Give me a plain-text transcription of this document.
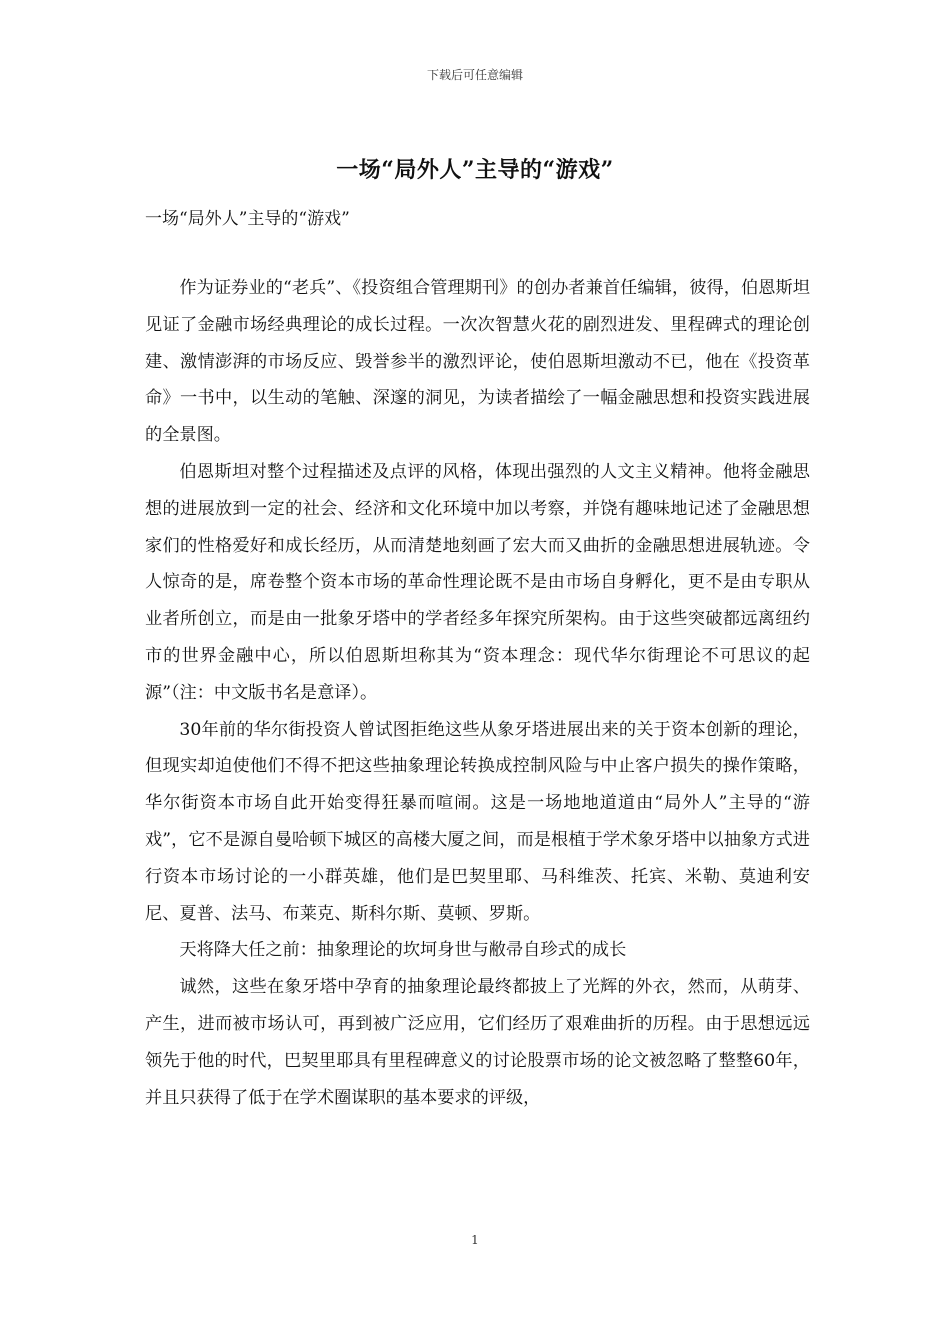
下载后可任意编辑
一场“局外人”主导的“游戏”
一场“局外人”主导的“游戏”

作为证券业的“老兵”、《投资组合管理期刊》的创办者兼首任编辑，彼得，伯恩斯坦见证了金融市场经典理论的成长过程。一次次智慧火花的剧烈进发、里程碑式的理论创建、激情澎湃的市场反应、毁誉参半的激烈评论，使伯恩斯坦激动不已，他在《投资革命》一书中，以生动的笔触、深邃的洞见，为读者描绘了一幅金融思想和投资实践进展的全景图。

伯恩斯坦对整个过程描述及点评的风格，体现出强烈的人文主义精神。他将金融思想的进展放到一定的社会、经济和文化环境中加以考察，并饶有趣味地记述了金融思想家们的性格爱好和成长经历，从而清楚地刻画了宏大而又曲折的金融思想进展轨迹。令人惊奇的是，席卷整个资本市场的革命性理论既不是由市场自身孵化，更不是由专职从业者所创立，而是由一批象牙塔中的学者经多年探究所架构。由于这些突破都远离纽约市的世界金融中心，所以伯恩斯坦称其为“资本理念：现代华尔街理论不可思议的起源”（注：中文版书名是意译）。

30年前的华尔街投资人曾试图拒绝这些从象牙塔进展出来的关于资本创新的理论，但现实却迫使他们不得不把这些抽象理论转换成控制风险与中止客户损失的操作策略，华尔街资本市场自此开始变得狂暴而喧闹。这是一场地地道道由“局外人”主导的“游戏”，它不是源自曼哈顿下城区的高楼大厦之间，而是根植于学术象牙塔中以抽象方式进行资本市场讨论的一小群英雄，他们是巴契里耶、马科维茨、托宾、米勒、莫迪利安尼、夏普、法马、布莱克、斯科尔斯、莫顿、罗斯。

天将降大任之前：抽象理论的坎坷身世与敝帚自珍式的成长

诚然，这些在象牙塔中孕育的抽象理论最终都披上了光辉的外衣，然而，从萌芽、产生，进而被市场认可，再到被广泛应用，它们经历了艰难曲折的历程。由于思想远远领先于他的时代，巴契里耶具有里程碑意义的讨论股票市场的论文被忽略了整整60年，并且只获得了低于在学术圈谋职的基本要求的评级，

1
